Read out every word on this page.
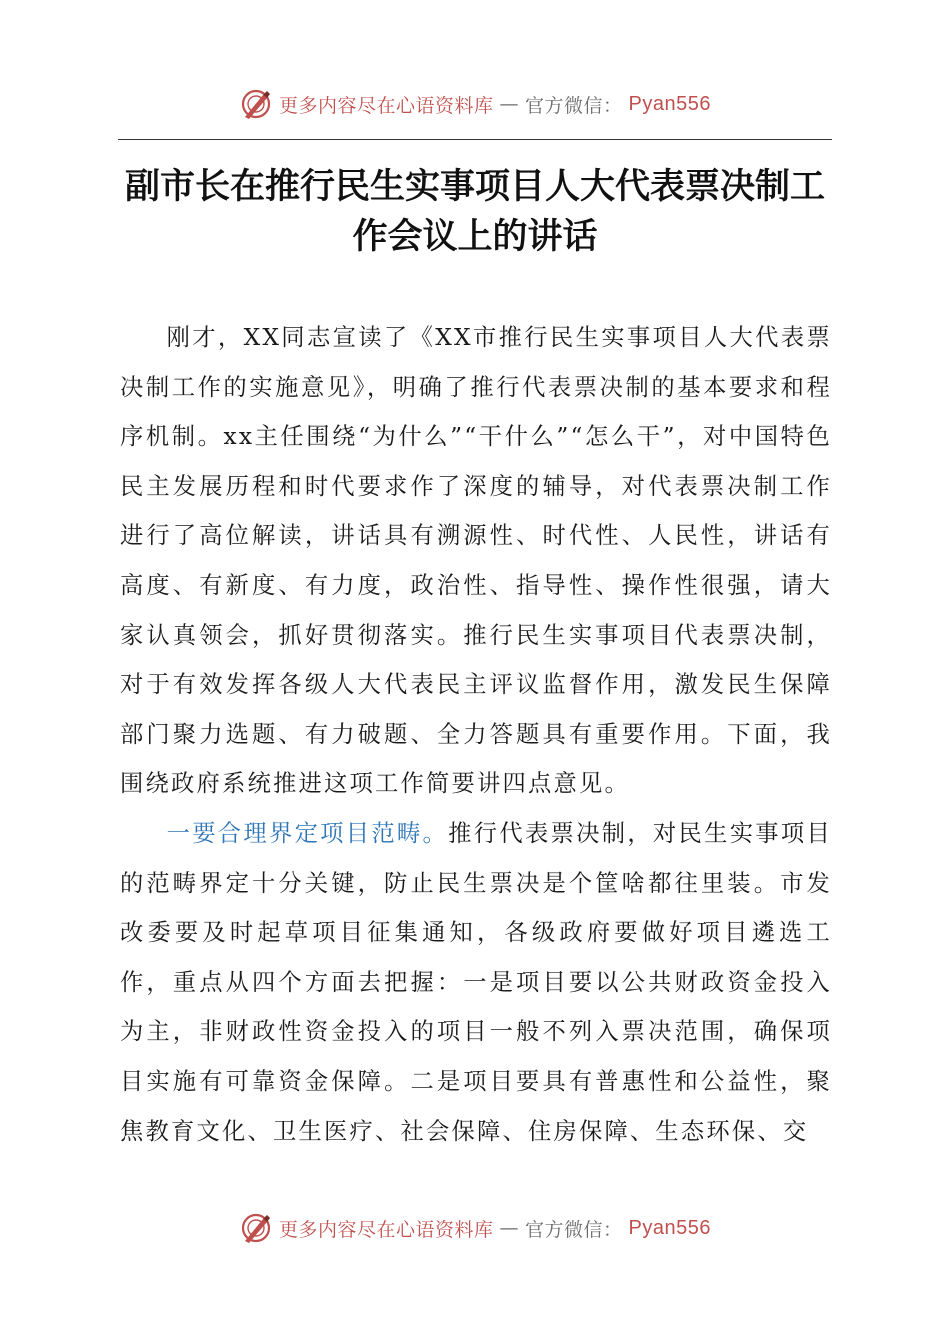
更多内容尽在心语资料库 — 官方微信： Pyan556
副市长在推行民生实事项目人大代表票决制工
作会议上的讲话

刚才，XX同志宣读了《XX市推行民生实事项目人大代表票决制工作的实施意见》，明确了推行代表票决制的基本要求和程序机制。xx主任围绕“为什么”“干什么”“怎么干”，对中国特色民主发展历程和时代要求作了深度的辅导，对代表票决制工作进行了高位解读，讲话具有溯源性、时代性、人民性，讲话有高度、有新度、有力度，政治性、指导性、操作性很强，请大家认真领会，抓好贯彻落实。推行民生实事项目代表票决制，对于有效发挥各级人大代表民主评议监督作用，激发民生保障部门聚力选题、有力破题、全力答题具有重要作用。下面，我围绕政府系统推进这项工作简要讲四点意见。

一要合理界定项目范畴。推行代表票决制，对民生实事项目的范畴界定十分关键，防止民生票决是个筐啥都往里装。市发改委要及时起草项目征集通知，各级政府要做好项目遴选工作，重点从四个方面去把握：一是项目要以公共财政资金投入为主，非财政性资金投入的项目一般不列入票决范围，确保项目实施有可靠资金保障。二是项目要具有普惠性和公益性，聚焦教育文化、卫生医疗、社会保障、住房保障、生态环保、交

更多内容尽在心语资料库 — 官方微信： Pyan556
